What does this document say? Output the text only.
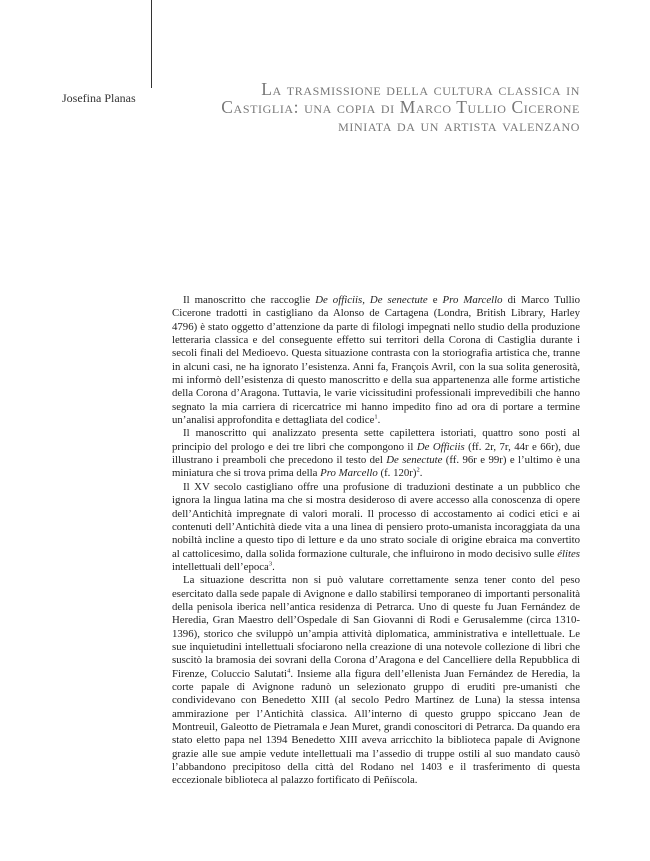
Josefina Planas	La trasmissione della cultura classica in
Castiglia: una copia di Marco Tullio Cicerone
miniata da un artista valenzano

Il manoscritto che raccoglie De officiis, De senectute e Pro Marcello di Marco Tullio Cicerone tradotti in castigliano da Alonso de Cartagena (Londra, British Library, Harley 4796) è stato oggetto d’attenzione da parte di filologi impegnati nello studio della produzione letteraria classica e del conseguente effetto sui territori della Corona di Castiglia durante i secoli finali del Medioevo. Questa situazione contrasta con la storiografia artistica che, tranne in alcuni casi, ne ha ignorato l’esistenza. Anni fa, François Avril, con la sua solita generosità, mi informò dell’esistenza di questo manoscritto e della sua appartenenza alle forme artistiche della Corona d’Aragona. Tuttavia, le varie vicissitudini professionali imprevedibili che hanno segnato la mia carriera di ricercatrice mi hanno impedito fino ad ora di portare a termine un’analisi approfondita e dettagliata del codice$^1$.

Il manoscritto qui analizzato presenta sette capilettera istoriati, quattro sono posti al principio del prologo e dei tre libri che compongono il De Officiis (ff. 2r, 7r, 44r e 66r), due illustrano i preamboli che precedono il testo del De senectute (ff. 96r e 99r) e l’ultimo è una miniatura che si trova prima della Pro Marcello (f. 120r)$^2$.

Il XV secolo castigliano offre una profusione di traduzioni destinate a un pubblico che ignora la lingua latina ma che si mostra desideroso di avere accesso alla conoscenza di opere dell’Antichità impregnate di valori morali. Il processo di accostamento ai codici etici e ai contenuti dell’Antichità diede vita a una linea di pensiero proto-umanista incoraggiata da una nobiltà incline a questo tipo di letture e da uno strato sociale di origine ebraica ma convertito al cattolicesimo, dalla solida formazione culturale, che influirono in modo decisivo sulle élites intellettuali dell’epoca$^3$.

La situazione descritta non si può valutare correttamente senza tener conto del peso esercitato dalla sede papale di Avignone e dallo stabilirsi temporaneo di importanti personalità della penisola iberica nell’antica residenza di Petrarca. Uno di queste fu Juan Fernández de Heredia, Gran Maestro dell’Ospedale di San Giovanni di Rodi e Gerusalemme (circa 1310-1396), storico che sviluppò un’ampia attività diplomatica, amministrativa e intellettuale. Le sue inquietudini intellettuali sfociarono nella creazione di una notevole collezione di libri che suscitò la bramosia dei sovrani della Corona d’Aragona e del Cancelliere della Repubblica di Firenze, Coluccio Salutati$^4$. Insieme alla figura dell’ellenista Juan Fernández de Heredia, la corte papale di Avignone radunò un selezionato gruppo di eruditi pre-umanisti che condividevano con Benedetto XIII (al secolo Pedro Martínez de Luna) la stessa intensa ammirazione per l’Antichità classica. All’interno di questo gruppo spiccano Jean de Montreuil, Galeotto de Pietramala e Jean Muret, grandi conoscitori di Petrarca. Da quando era stato eletto papa nel 1394 Benedetto XIII aveva arricchito la biblioteca papale di Avignone grazie alle sue ampie vedute intellettuali ma l’assedio di truppe ostili al suo mandato causò l’abbandono precipitoso della città del Rodano nel 1403 e il trasferimento di questa eccezionale biblioteca al palazzo fortificato di Peñíscola.
